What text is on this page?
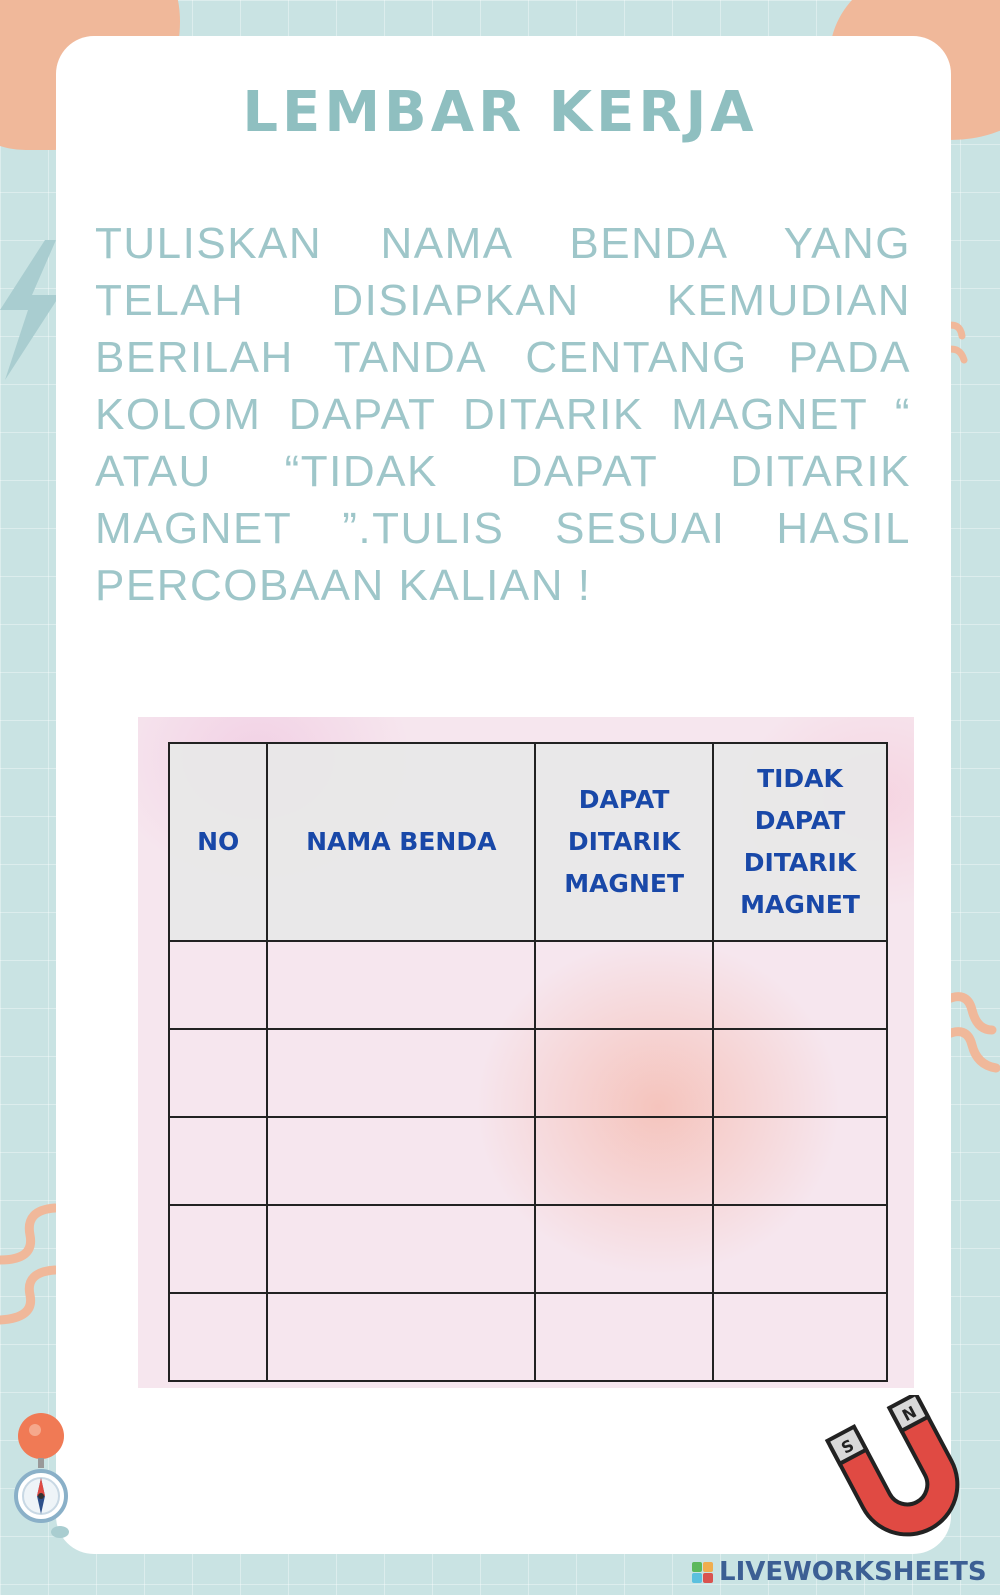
LEMBAR KERJA

TULISKAN NAMA BENDA YANG TELAH DISIAPKAN KEMUDIAN BERILAH TANDA CENTANG PADA KOLOM DAPAT DITARIK MAGNET “ ATAU “TIDAK DAPAT DITARIK MAGNET ”.TULIS SESUAI HASIL PERCOBAAN KALIAN !

NO	NAMA BENDA	DAPAT DITARIK MAGNET	TIDAK DAPAT DITARIK MAGNET

S
N
LIVEWORKSHEETS
